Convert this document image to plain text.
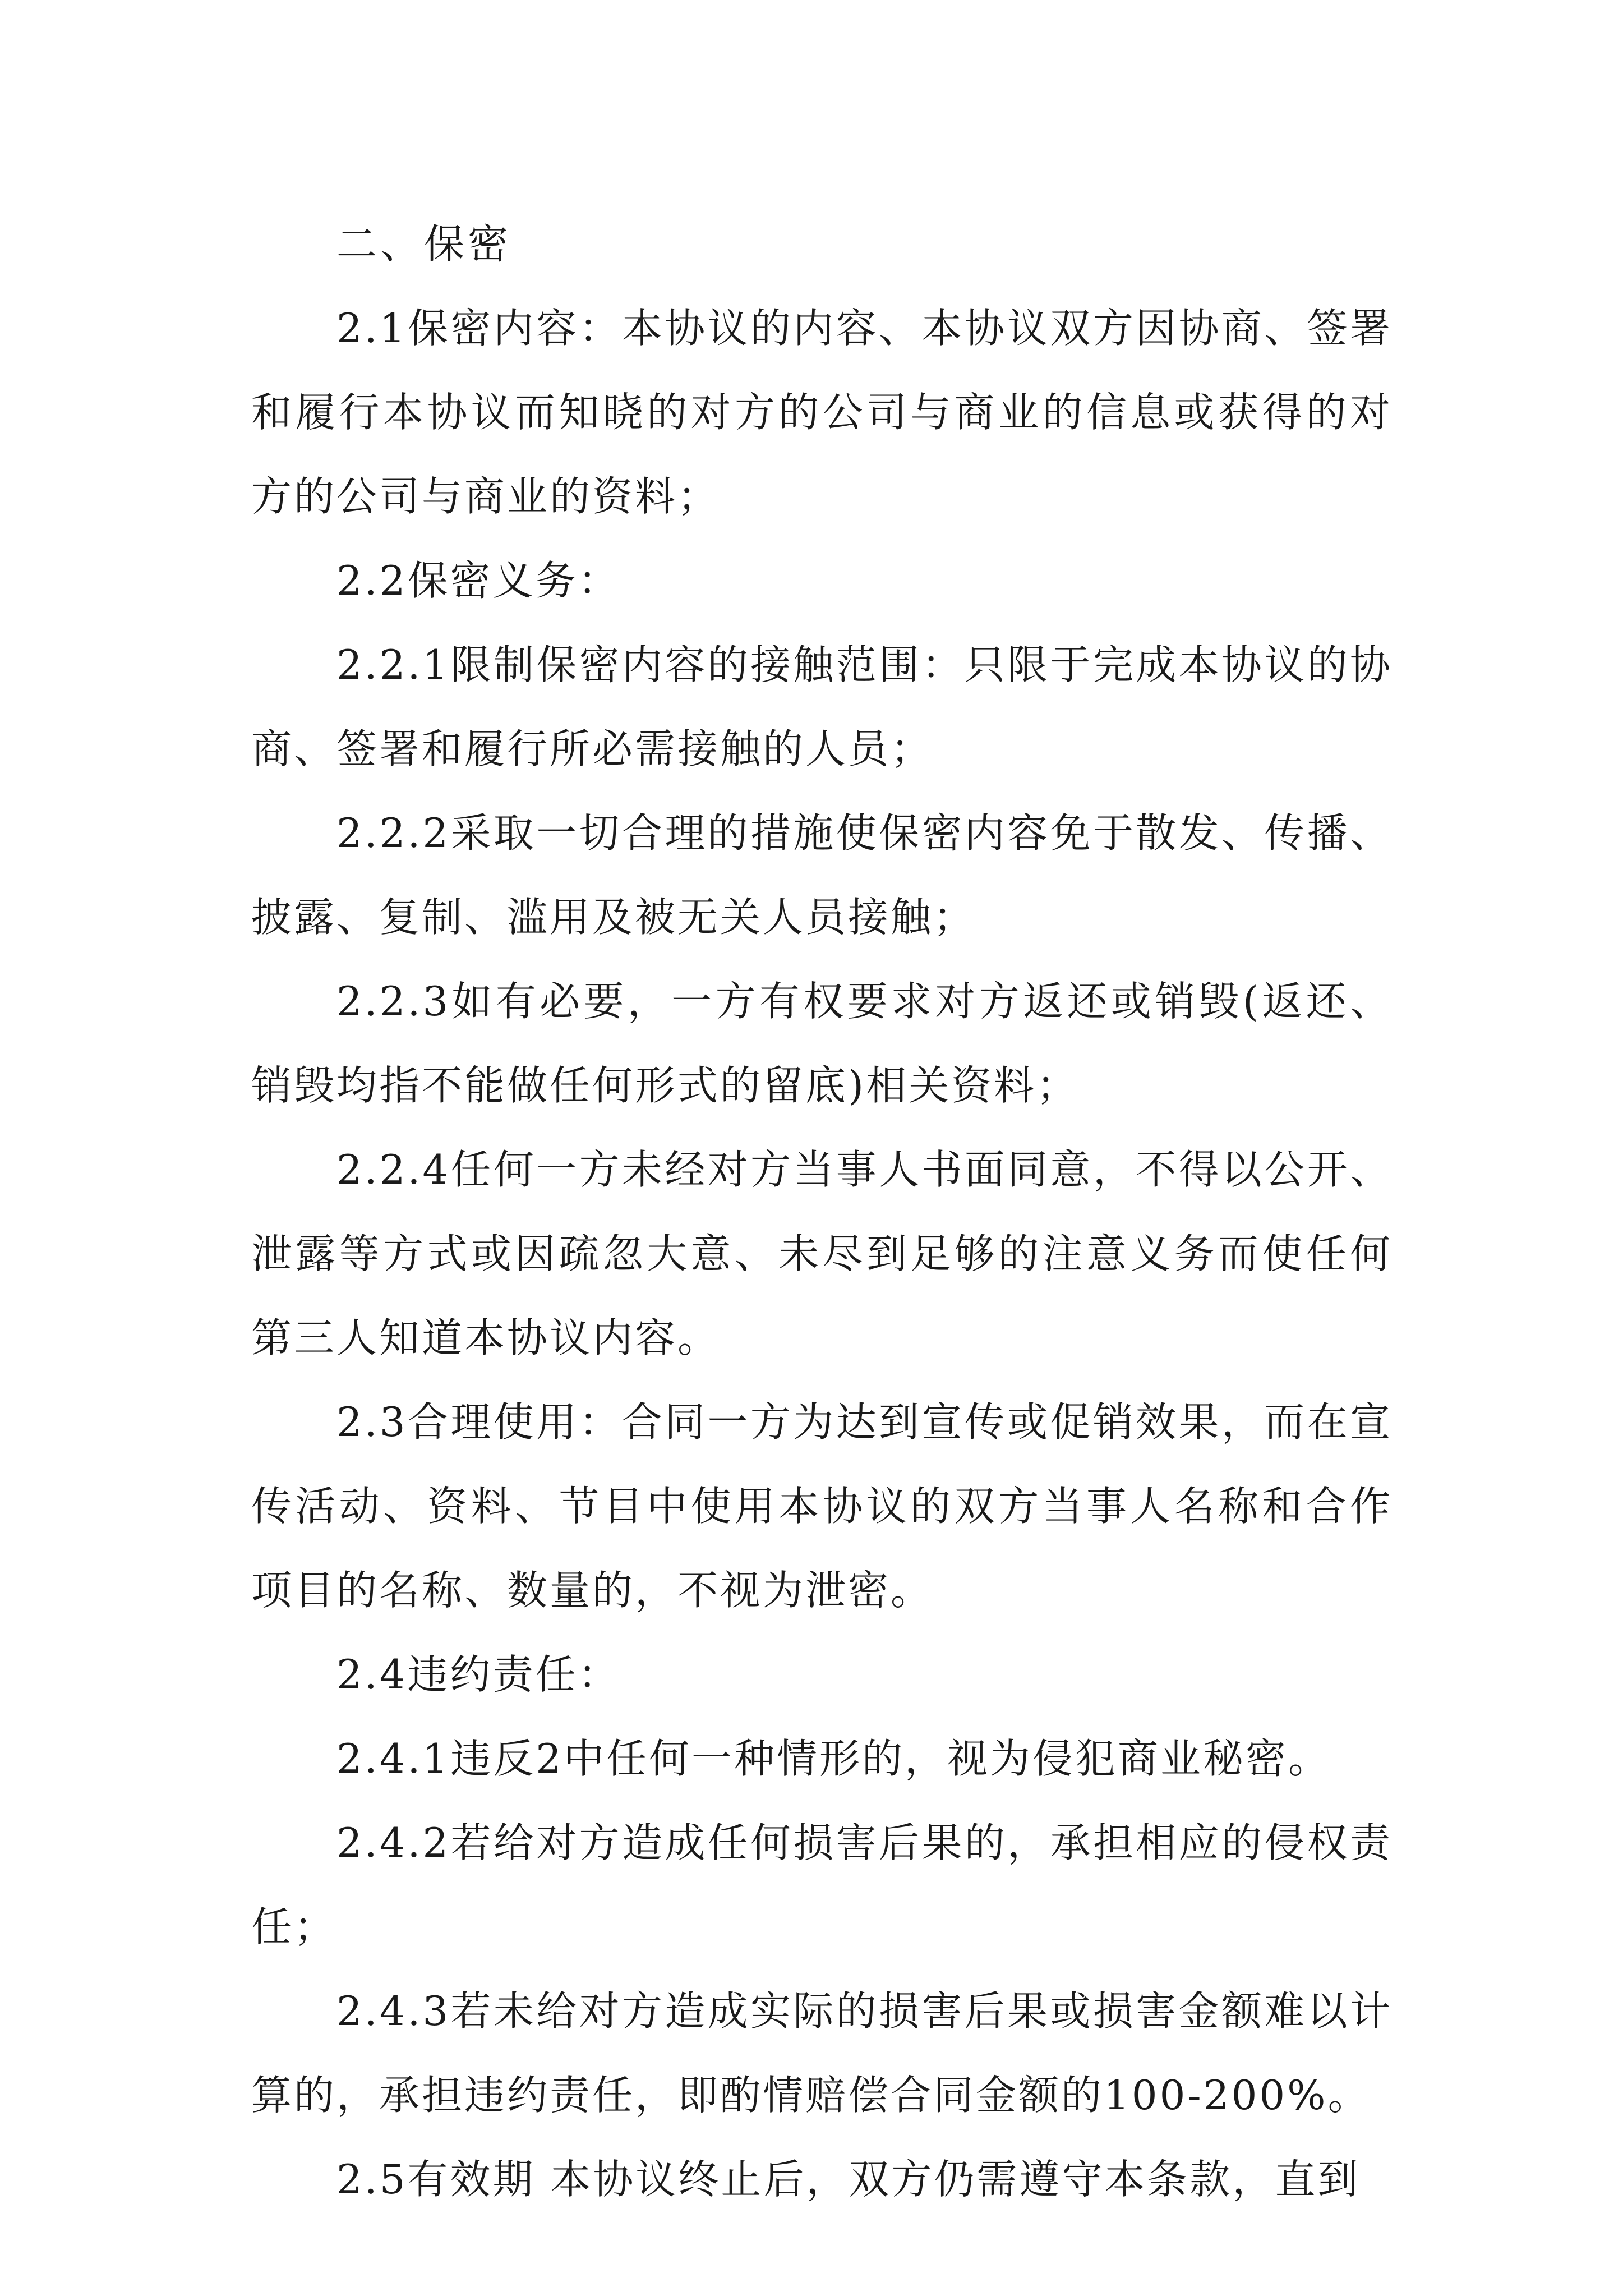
二、保密

2.1保密内容：本协议的内容、本协议双方因协商、签署和履行本协议而知晓的对方的公司与商业的信息或获得的对方的公司与商业的资料；

2.2保密义务：

2.2.1限制保密内容的接触范围：只限于完成本协议的协商、签署和履行所必需接触的人员；

2.2.2采取一切合理的措施使保密内容免于散发、传播、披露、复制、滥用及被无关人员接触；

2.2.3如有必要，一方有权要求对方返还或销毁(返还、销毁均指不能做任何形式的留底)相关资料；

2.2.4任何一方未经对方当事人书面同意，不得以公开、泄露等方式或因疏忽大意、未尽到足够的注意义务而使任何第三人知道本协议内容。

2.3合理使用：合同一方为达到宣传或促销效果，而在宣传活动、资料、节目中使用本协议的双方当事人名称和合作项目的名称、数量的，不视为泄密。

2.4违约责任：

2.4.1违反2中任何一种情形的，视为侵犯商业秘密。

2.4.2若给对方造成任何损害后果的，承担相应的侵权责任；

2.4.3若未给对方造成实际的损害后果或损害金额难以计算的，承担违约责任，即酌情赔偿合同金额的100-200%。

2.5有效期 本协议终止后，双方仍需遵守本条款，直到
